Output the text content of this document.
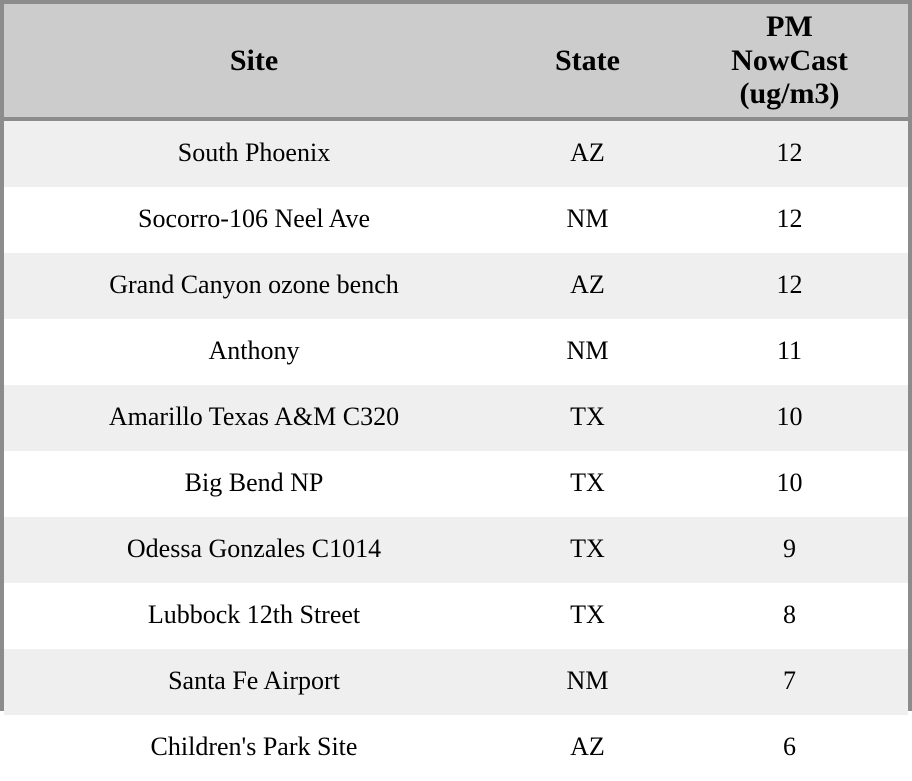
Site	State	PM
NowCast
(ug/m3)

South Phoenix	AZ	12
Socorro-106 Neel Ave	NM	12
Grand Canyon ozone bench	AZ	12
Anthony	NM	11
Amarillo Texas A&M C320	TX	10
Big Bend NP	TX	10
Odessa Gonzales C1014	TX	9
Lubbock 12th Street	TX	8
Santa Fe Airport	NM	7
Children's Park Site	AZ	6
